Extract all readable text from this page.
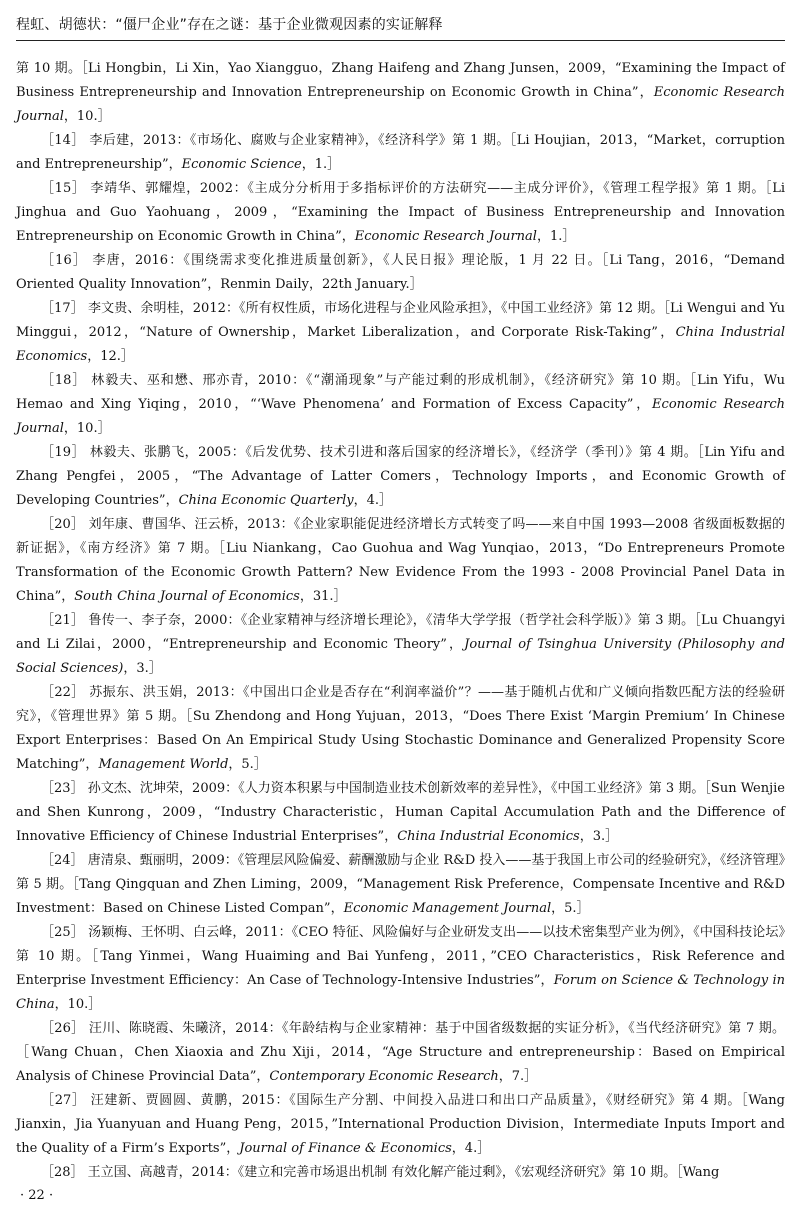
程虹、胡德状：“僵尸企业”存在之谜：基于企业微观因素的实证解释

第 10 期。［Li Hongbin，Li Xin，Yao Xiangguo，Zhang Haifeng and Zhang Junsen，2009，“Examining the Impact of Business Entrepreneurship and Innovation Entrepreneurship on Economic Growth in China”，Economic Research Journal，10.］

［14］ 李后建，2013：《市场化、腐败与企业家精神》，《经济科学》第 1 期。［Li Houjian，2013，“Market，corruption and Entrepreneurship”，Economic Science，1.］

［15］ 李靖华、郭耀煌，2002：《主成分分析用于多指标评价的方法研究——主成分评价》，《管理工程学报》第 1 期。［Li Jinghua and Guo Yaohuang，2009，“Examining the Impact of Business Entrepreneurship and Innovation Entrepreneurship on Economic Growth in China”，Economic Research Journal，1.］

［16］ 李唐，2016：《围绕需求变化推进质量创新》，《人民日报》理论版，1 月 22 日。［Li Tang，2016，“Demand Oriented Quality Innovation”，Renmin Daily，22th January.］

［17］ 李文贵、余明桂，2012：《所有权性质，市场化进程与企业风险承担》，《中国工业经济》第 12 期。［Li Wengui and Yu Minggui，2012，“Nature of Ownership，Market Liberalization，and Corporate Risk-Taking”，China Industrial Economics，12.］

［18］ 林毅夫、巫和懋、邢亦青，2010：《“潮涌现象”与产能过剩的形成机制》，《经济研究》第 10 期。［Lin Yifu，Wu Hemao and Xing Yiqing，2010，“‘Wave Phenomena’ and Formation of Excess Capacity”，Economic Research Journal，10.］

［19］ 林毅夫、张鹏飞，2005：《后发优势、技术引进和落后国家的经济增长》，《经济学（季刊）》第 4 期。［Lin Yifu and Zhang Pengfei，2005，“The Advantage of Latter Comers，Technology Imports，and Economic Growth of Developing Countries”，China Economic Quarterly，4.］

［20］ 刘年康、曹国华、汪云桥，2013：《企业家职能促进经济增长方式转变了吗——来自中国 1993—2008 省级面板数据的新证据》，《南方经济》第 7 期。［Liu Niankang，Cao Guohua and Wag Yunqiao，2013，“Do Entrepreneurs Promote Transformation of the Economic Growth Pattern? New Evidence From the 1993 - 2008 Provincial Panel Data in China”，South China Journal of Economics，31.］

［21］ 鲁传一、李子奈，2000：《企业家精神与经济增长理论》，《清华大学学报（哲学社会科学版）》第 3 期。［Lu Chuangyi and Li Zilai，2000，“Entrepreneurship and Economic Theory”，Journal of Tsinghua University (Philosophy and Social Sciences)，3.］

［22］ 苏振东、洪玉娟，2013：《中国出口企业是否存在“利润率溢价”？——基于随机占优和广义倾向指数匹配方法的经验研究》，《管理世界》第 5 期。［Su Zhendong and Hong Yujuan，2013，“Does There Exist ‘Margin Premium’ In Chinese Export Enterprises：Based On An Empirical Study Using Stochastic Dominance and Generalized Propensity Score Matching”，Management World，5.］

［23］ 孙文杰、沈坤荣，2009：《人力资本积累与中国制造业技术创新效率的差异性》，《中国工业经济》第 3 期。［Sun Wenjie and Shen Kunrong，2009，“Industry Characteristic，Human Capital Accumulation Path and the Difference of Innovative Efficiency of Chinese Industrial Enterprises”，China Industrial Economics，3.］

［24］ 唐清泉、甄丽明，2009：《管理层风险偏爱、薪酬激励与企业 R&D 投入——基于我国上市公司的经验研究》，《经济管理》第 5 期。［Tang Qingquan and Zhen Liming，2009，“Management Risk Preference，Compensate Incentive and R&D Investment：Based on Chinese Listed Compan”，Economic Management Journal，5.］

［25］ 汤颖梅、王怀明、白云峰，2011：《CEO 特征、风险偏好与企业研发支出——以技术密集型产业为例》，《中国科技论坛》第 10 期。［Tang Yinmei，Wang Huaiming and Bai Yunfeng，2011，”CEO Characteristics，Risk Reference and Enterprise Investment Efficiency：An Case of Technology-Intensive Industries”，Forum on Science & Technology in China，10.］

［26］ 汪川、陈晓霞、朱曦济，2014：《年龄结构与企业家精神：基于中国省级数据的实证分析》，《当代经济研究》第 7 期。［Wang Chuan，Chen Xiaoxia and Zhu Xiji，2014，“Age Structure and entrepreneurship：Based on Empirical Analysis of Chinese Provincial Data”，Contemporary Economic Research，7.］

［27］ 汪建新、贾圆圆、黄鹏，2015：《国际生产分割、中间投入品进口和出口产品质量》，《财经研究》第 4 期。［Wang Jianxin，Jia Yuanyuan and Huang Peng，2015，”International Production Division，Intermediate Inputs Import and the Quality of a Firm’s Exports”，Journal of Finance & Economics，4.］

［28］ 王立国、高越青，2014：《建立和完善市场退出机制 有效化解产能过剩》，《宏观经济研究》第 10 期。［Wang

· 22 ·
